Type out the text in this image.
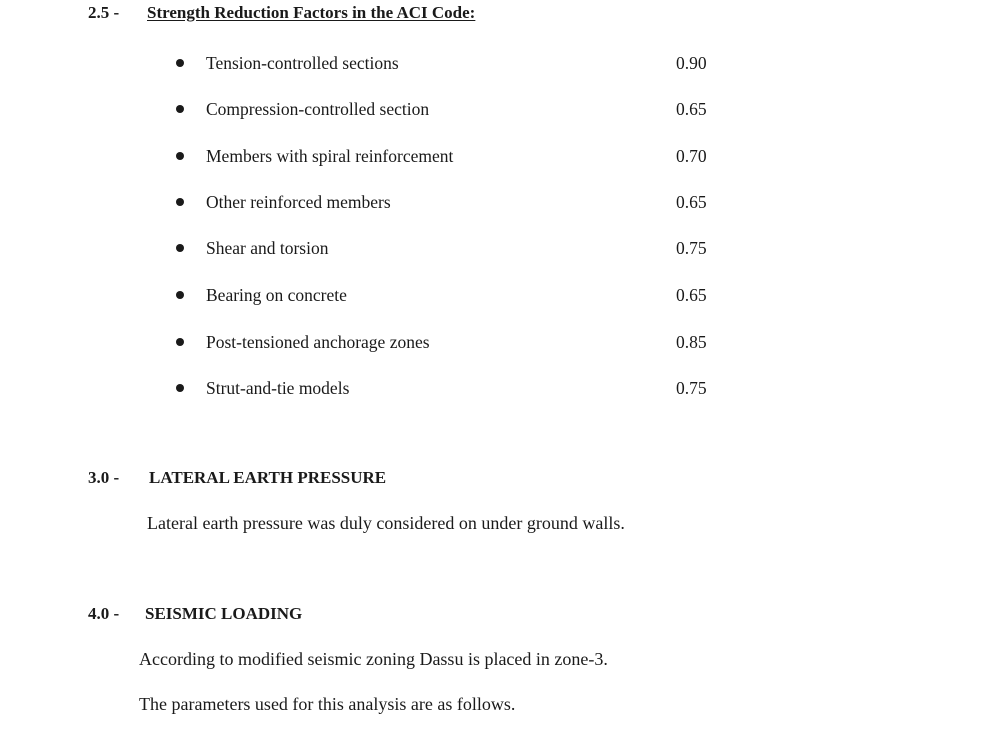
2.5 - Strength Reduction Factors in the ACI Code:
Tension-controlled sections	0.90
Compression-controlled section	0.65
Members with spiral reinforcement	0.70
Other reinforced members	0.65
Shear and torsion	0.75
Bearing on concrete	0.65
Post-tensioned anchorage zones	0.85
Strut-and-tie models	0.75
3.0 - LATERAL EARTH PRESSURE
Lateral earth pressure was duly considered on under ground walls.
4.0 - SEISMIC LOADING
According to modified seismic zoning Dassu is placed in zone-3.
The parameters used for this analysis are as follows.
